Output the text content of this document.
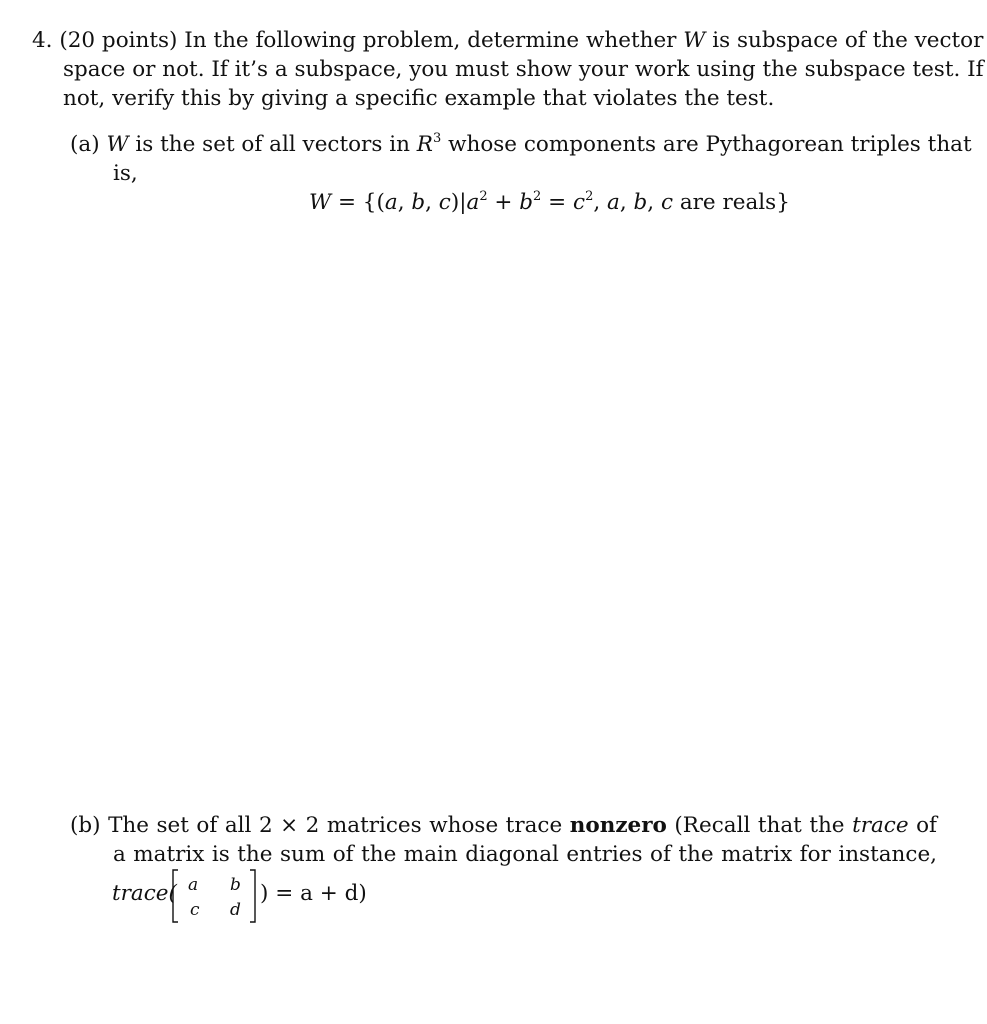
4. (20 points) In the following problem, determine whether W is subspace of the vector
space or not. If it’s a subspace, you must show your work using the subspace test. If
not, verify this by giving a specific example that violates the test.
(a) W is the set of all vectors in $R^3$ whose components are Pythagorean triples that
is,
W = {(a, b, $c)|a^2 + b^2 = c^2$, a, b, c are reals}
(b) The set of all 2 × 2 matrices whose trace nonzero (Recall that the trace of
a matrix is the sum of the main diagonal entries of the matrix for instance,
trace( a b
c d
) = a + d)
